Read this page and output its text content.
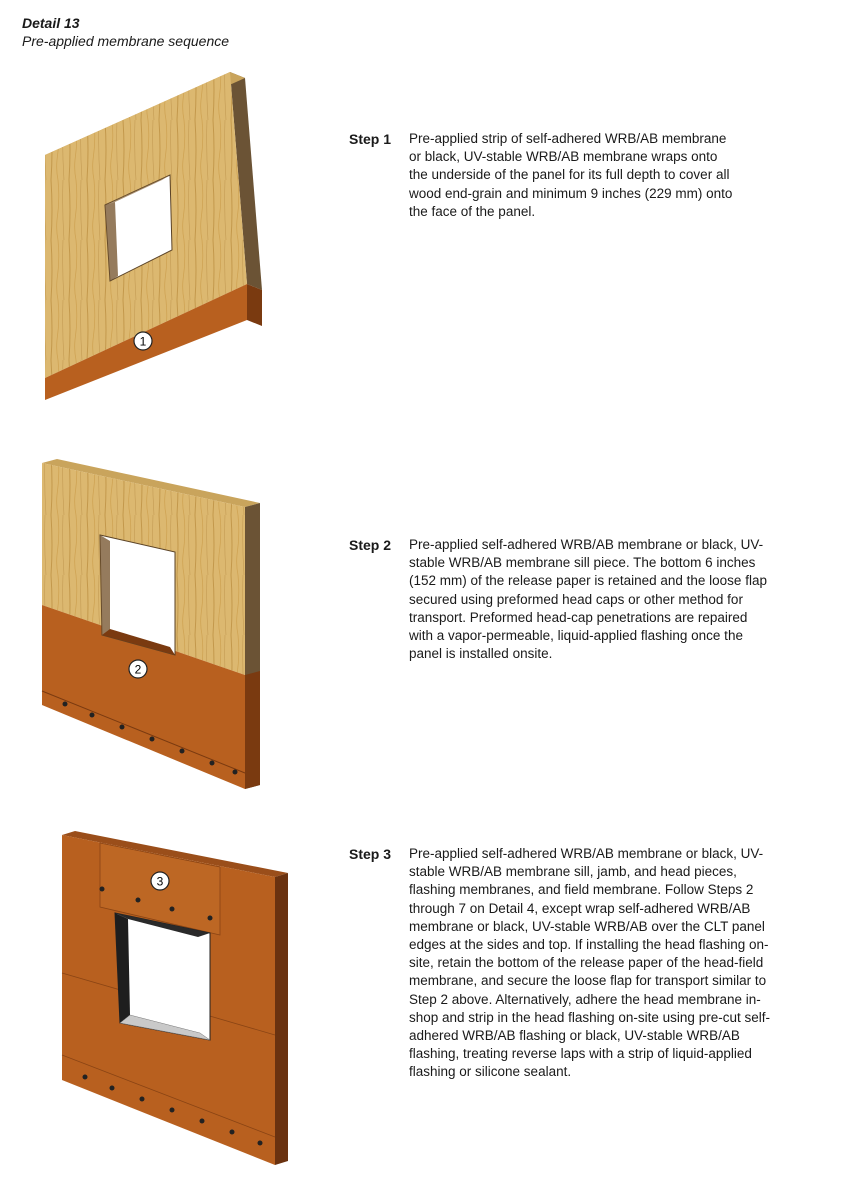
Detail 13
Pre-applied membrane sequence
1
Step 1	Pre-applied strip of self-adhered WRB/AB membrane or black, UV-stable WRB/AB membrane wraps onto the underside of the panel for its full depth to cover all wood end-grain and minimum 9 inches (229 mm) onto the face of the panel.
2
Step 2	Pre-applied self-adhered WRB/AB membrane or black, UV-stable WRB/AB membrane sill piece. The bottom 6 inches (152 mm) of the release paper is retained and the loose flap secured using preformed head caps or other method for transport. Preformed head-cap penetrations are repaired with a vapor-permeable, liquid-applied flashing once the panel is installed onsite.
3
Step 3	Pre-applied self-adhered WRB/AB membrane or black, UV-stable WRB/AB membrane sill, jamb, and head pieces, flashing membranes, and field membrane. Follow Steps 2 through 7 on Detail 4, except wrap self-adhered WRB/AB membrane or black, UV-stable WRB/AB over the CLT panel edges at the sides and top. If installing the head flashing on-site, retain the bottom of the release paper of the head-field membrane, and secure the loose flap for transport similar to Step 2 above. Alternatively, adhere the head membrane in-shop and strip in the head flashing on-site using pre-cut self-adhered WRB/AB flashing or black, UV-stable WRB/AB flashing, treating reverse laps with a strip of liquid-applied flashing or silicone sealant.
